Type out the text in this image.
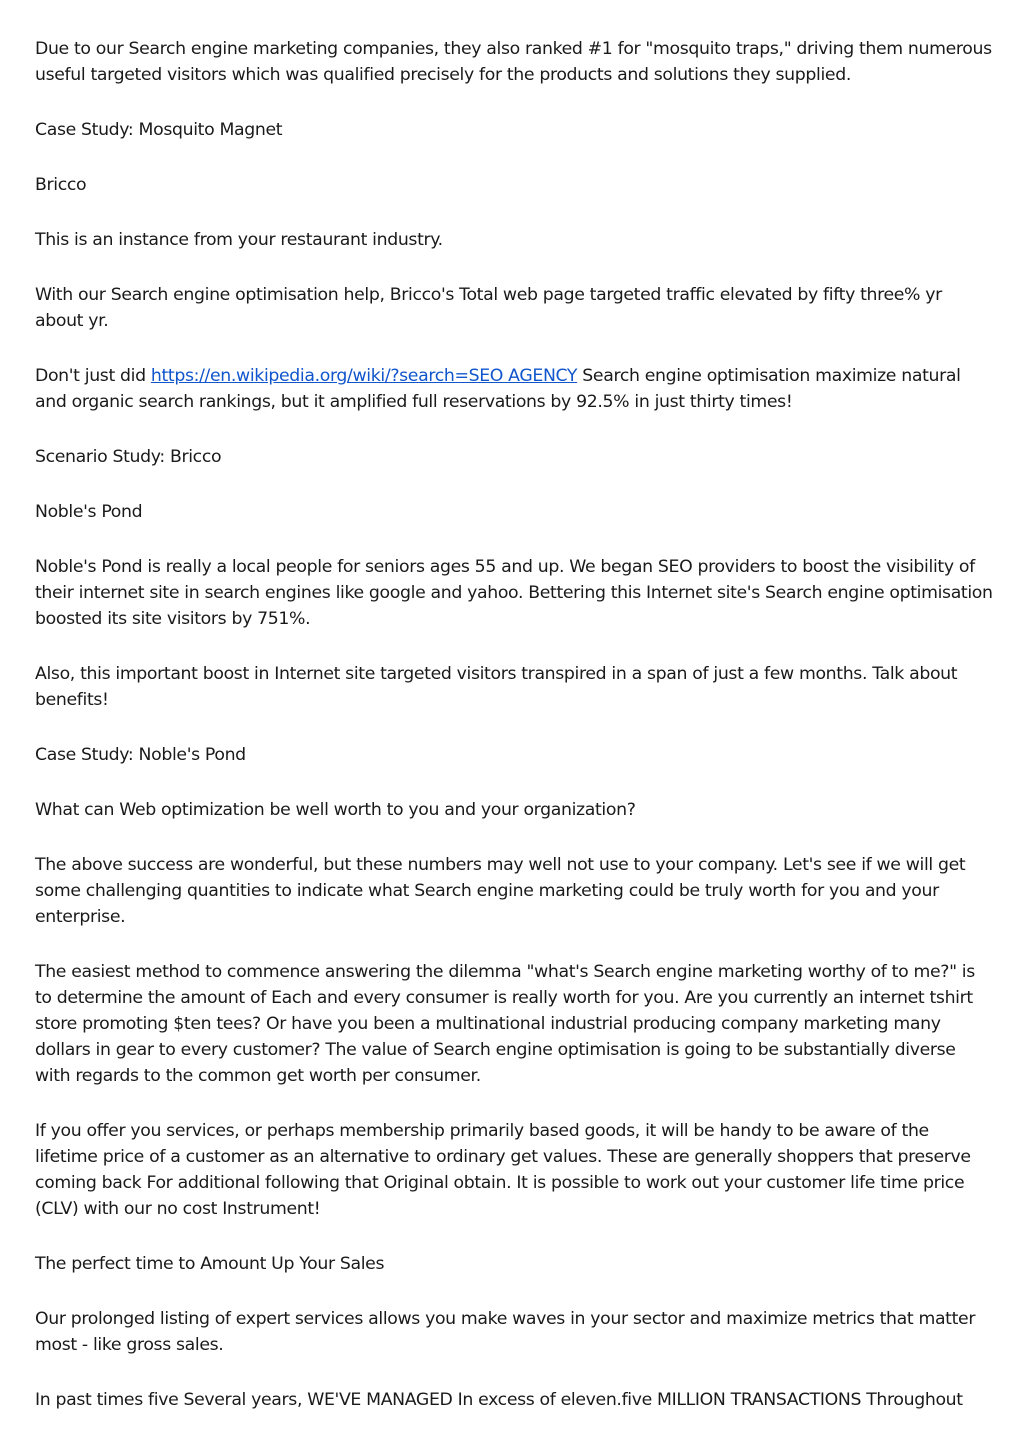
Due to our Search engine marketing companies, they also ranked #1 for "mosquito traps," driving them numerous useful targeted visitors which was qualified precisely for the products and solutions they supplied.

Case Study: Mosquito Magnet

Bricco

This is an instance from your restaurant industry.

With our Search engine optimisation help, Bricco's Total web page targeted traffic elevated by fifty three% yr about yr.

Don't just did https://en.wikipedia.org/wiki/?search=SEO AGENCY Search engine optimisation maximize natural and organic search rankings, but it amplified full reservations by 92.5% in just thirty times!

Scenario Study: Bricco

Noble's Pond

Noble's Pond is really a local people for seniors ages 55 and up. We began SEO providers to boost the visibility of their internet site in search engines like google and yahoo. Bettering this Internet site's Search engine optimisation boosted its site visitors by 751%.

Also, this important boost in Internet site targeted visitors transpired in a span of just a few months. Talk about benefits!

Case Study: Noble's Pond

What can Web optimization be well worth to you and your organization?

The above success are wonderful, but these numbers may well not use to your company. Let's see if we will get some challenging quantities to indicate what Search engine marketing could be truly worth for you and your enterprise.

The easiest method to commence answering the dilemma "what's Search engine marketing worthy of to me?" is to determine the amount of Each and every consumer is really worth for you. Are you currently an internet tshirt store promoting $ten tees? Or have you been a multinational industrial producing company marketing many dollars in gear to every customer? The value of Search engine optimisation is going to be substantially diverse with regards to the common get worth per consumer.

If you offer you services, or perhaps membership primarily based goods, it will be handy to be aware of the lifetime price of a customer as an alternative to ordinary get values. These are generally shoppers that preserve coming back For additional following that Original obtain. It is possible to work out your customer life time price (CLV) with our no cost Instrument!

The perfect time to Amount Up Your Sales

Our prolonged listing of expert services allows you make waves in your sector and maximize metrics that matter most - like gross sales.

In past times five Several years, WE'VE MANAGED In excess of eleven.five MILLION TRANSACTIONS Throughout
